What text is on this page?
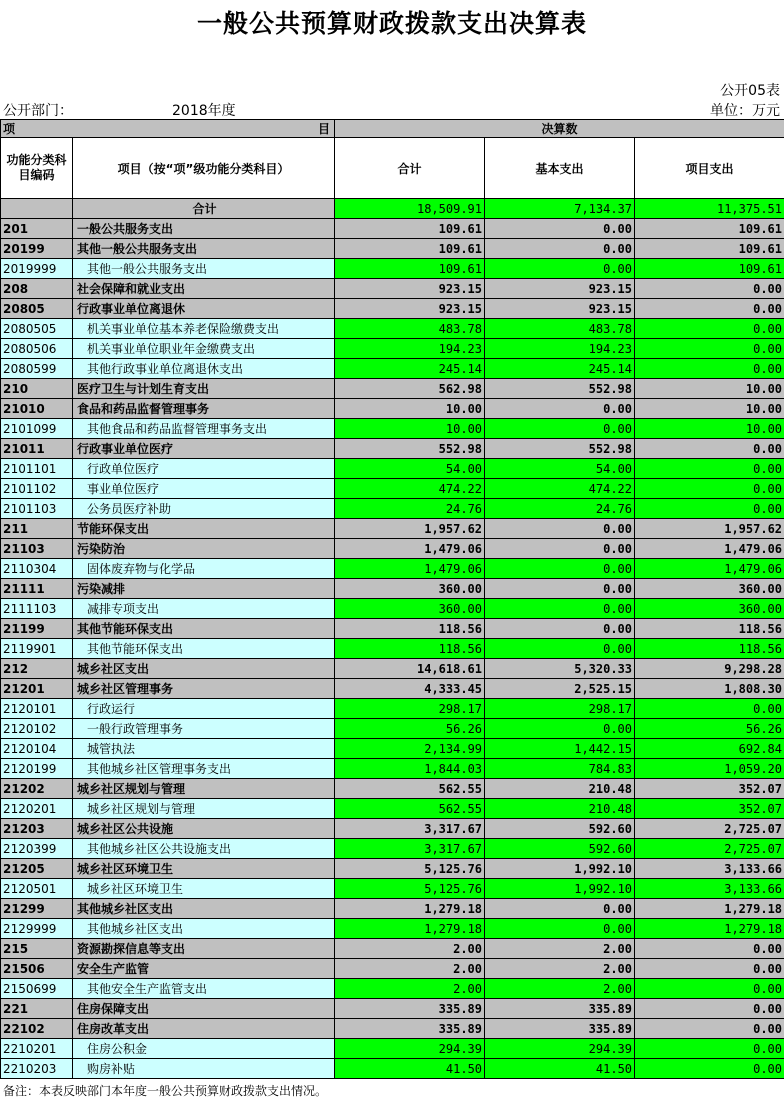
一般公共预算财政拨款支出决算表
公开05表
公开部门：	2018年度	单位：万元
项 目		决算数		
功能分类科目编码	项目（按“项”级功能分类科目）	合计	基本支出	项目支出
	合计	18,509.91	7,134.37	11,375.51
201	一般公共服务支出	109.61	0.00	109.61
20199	其他一般公共服务支出	109.61	0.00	109.61
2019999	其他一般公共服务支出	109.61	0.00	109.61
208	社会保障和就业支出	923.15	923.15	0.00
20805	行政事业单位离退休	923.15	923.15	0.00
2080505	机关事业单位基本养老保险缴费支出	483.78	483.78	0.00
2080506	机关事业单位职业年金缴费支出	194.23	194.23	0.00
2080599	其他行政事业单位离退休支出	245.14	245.14	0.00
210	医疗卫生与计划生育支出	562.98	552.98	10.00
21010	食品和药品监督管理事务	10.00	0.00	10.00
2101099	其他食品和药品监督管理事务支出	10.00	0.00	10.00
21011	行政事业单位医疗	552.98	552.98	0.00
2101101	行政单位医疗	54.00	54.00	0.00
2101102	事业单位医疗	474.22	474.22	0.00
2101103	公务员医疗补助	24.76	24.76	0.00
211	节能环保支出	1,957.62	0.00	1,957.62
21103	污染防治	1,479.06	0.00	1,479.06
2110304	固体废弃物与化学品	1,479.06	0.00	1,479.06
21111	污染减排	360.00	0.00	360.00
2111103	减排专项支出	360.00	0.00	360.00
21199	其他节能环保支出	118.56	0.00	118.56
2119901	其他节能环保支出	118.56	0.00	118.56
212	城乡社区支出	14,618.61	5,320.33	9,298.28
21201	城乡社区管理事务	4,333.45	2,525.15	1,808.30
2120101	行政运行	298.17	298.17	0.00
2120102	一般行政管理事务	56.26	0.00	56.26
2120104	城管执法	2,134.99	1,442.15	692.84
2120199	其他城乡社区管理事务支出	1,844.03	784.83	1,059.20
21202	城乡社区规划与管理	562.55	210.48	352.07
2120201	城乡社区规划与管理	562.55	210.48	352.07
21203	城乡社区公共设施	3,317.67	592.60	2,725.07
2120399	其他城乡社区公共设施支出	3,317.67	592.60	2,725.07
21205	城乡社区环境卫生	5,125.76	1,992.10	3,133.66
2120501	城乡社区环境卫生	5,125.76	1,992.10	3,133.66
21299	其他城乡社区支出	1,279.18	0.00	1,279.18
2129999	其他城乡社区支出	1,279.18	0.00	1,279.18
215	资源勘探信息等支出	2.00	2.00	0.00
21506	安全生产监管	2.00	2.00	0.00
2150699	其他安全生产监管支出	2.00	2.00	0.00
221	住房保障支出	335.89	335.89	0.00
22102	住房改革支出	335.89	335.89	0.00
2210201	住房公积金	294.39	294.39	0.00
2210203	购房补贴	41.50	41.50	0.00
备注：本表反映部门本年度一般公共预算财政拨款支出情况。
